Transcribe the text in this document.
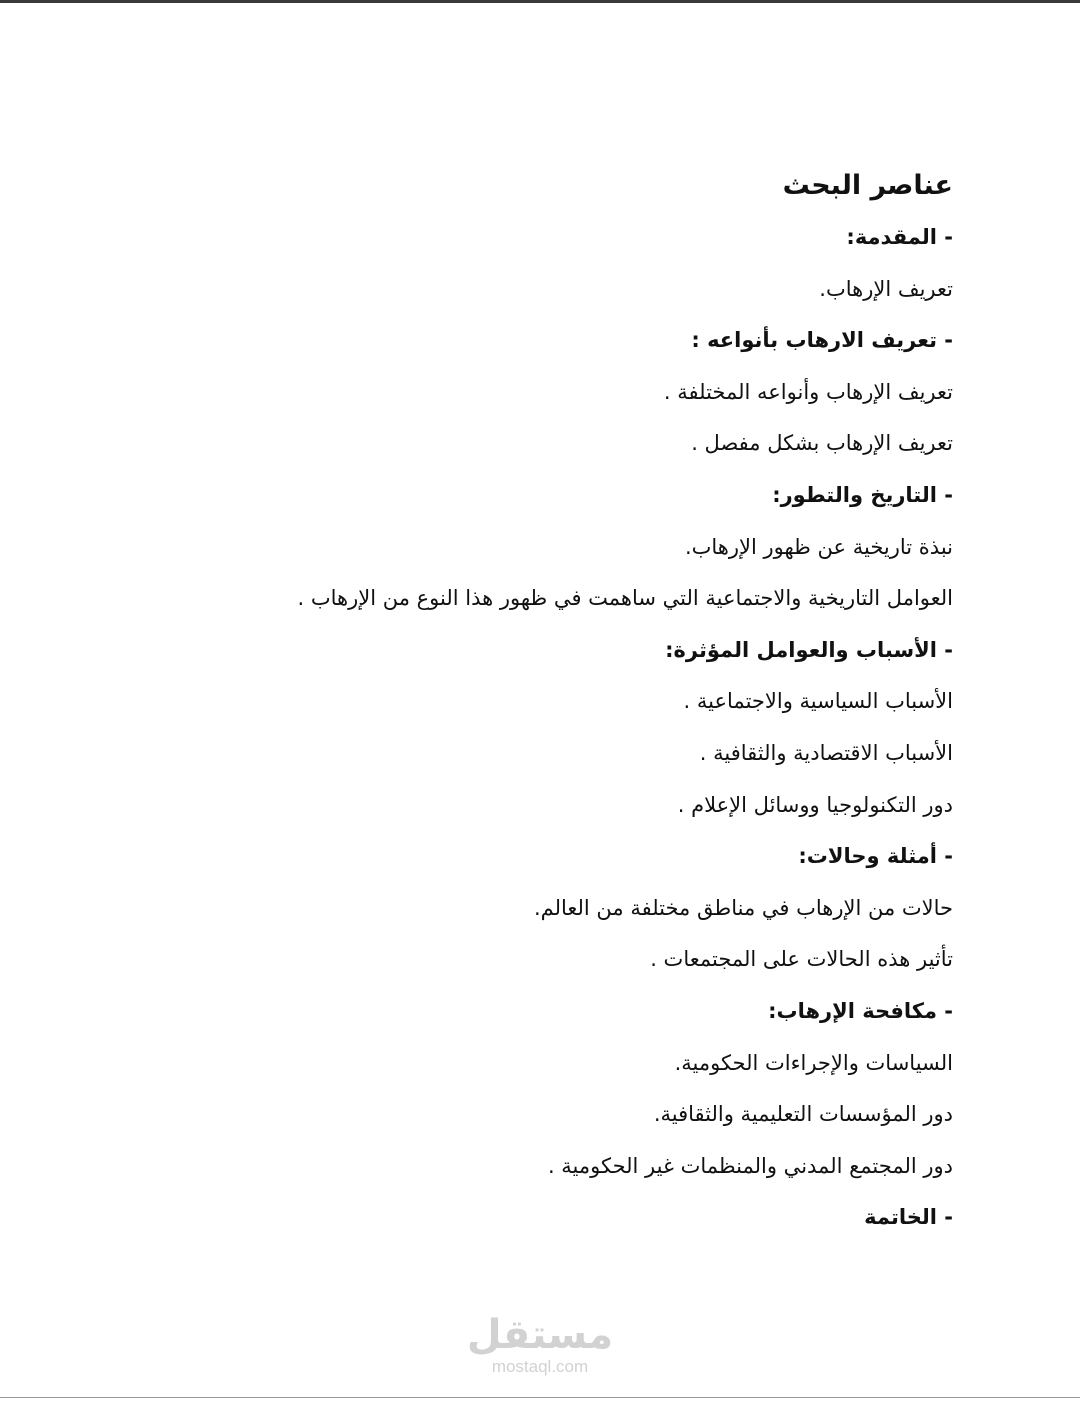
عناصر البحث
- المقدمة:
تعريف الإرهاب.
- تعريف الارهاب بأنواعه :
تعريف الإرهاب وأنواعه المختلفة .
تعريف الإرهاب بشكل مفصل .
- التاريخ والتطور:
نبذة تاريخية عن ظهور الإرهاب.
العوامل التاريخية والاجتماعية التي ساهمت في ظهور هذا النوع من الإرهاب .
- الأسباب والعوامل المؤثرة:
الأسباب السياسية والاجتماعية .
الأسباب الاقتصادية والثقافية .
دور التكنولوجيا ووسائل الإعلام .
- أمثلة وحالات:
حالات من الإرهاب في مناطق مختلفة من العالم.
تأثير هذه الحالات على المجتمعات .
- مكافحة الإرهاب:
السياسات والإجراءات الحكومية.
دور المؤسسات التعليمية والثقافية.
دور المجتمع المدني والمنظمات غير الحكومية .
- الخاتمة
مستقل
mostaql.com
